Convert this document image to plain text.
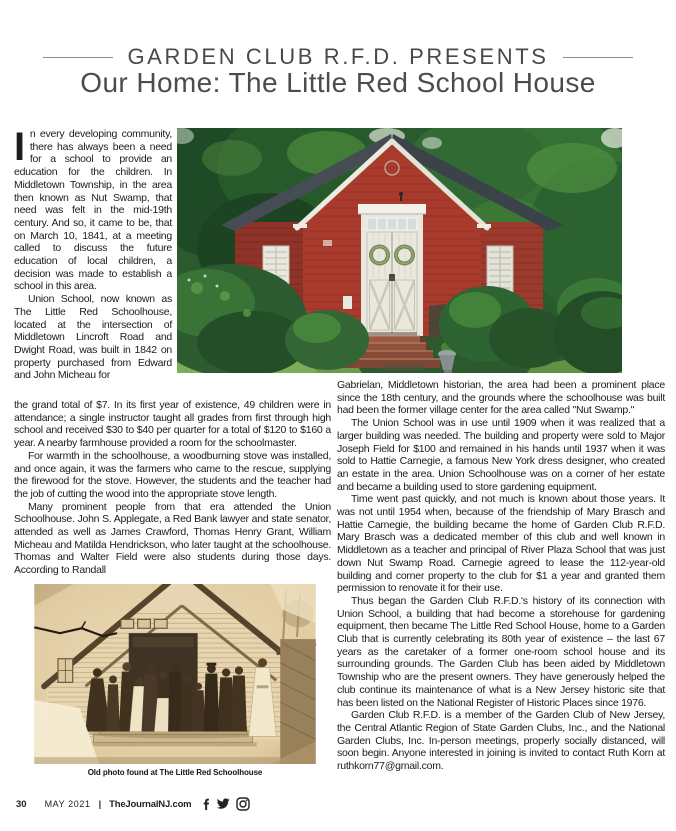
GARDEN CLUB R.F.D. PRESENTS
Our Home: The Little Red School House

In every developing community, there has always been a need for a school to provide an education for the children. In Middletown Township, in the area then known as Nut Swamp, that need was felt in the mid-19th century. And so, it came to be, that on March 10, 1841, at a meeting called to discuss the future education of local children, a decision was made to establish a school in this area.

Union School, now known as The Little Red Schoolhouse, located at the intersection of Middletown Lincroft Road and Dwight Road, was built in 1842 on property purchased from Edward and John Micheau for

the grand total of $7. In its first year of existence, 49 children were in attendance; a single instructor taught all grades from first through high school and received $30 to $40 per quarter for a total of $120 to $160 a year. A nearby farmhouse provided a room for the schoolmaster.

For warmth in the schoolhouse, a woodburning stove was installed, and once again, it was the farmers who came to the rescue, supplying the firewood for the stove. However, the students and the teacher had the job of cutting the wood into the appropriate stove length.

Many prominent people from that era attended the Union Schoolhouse. John S. Applegate, a Red Bank lawyer and state senator, attended as well as James Crawford, Thomas Henry Grant, William Micheau and Matilda Hendrickson, who later taught at the schoolhouse. Thomas and Walter Field were also students during those days. According to Randall

Gabrielan, Middletown historian, the area had been a prominent place since the 18th century, and the grounds where the schoolhouse was built had been the former village center for the area called "Nut Swamp."

The Union School was in use until 1909 when it was realized that a larger building was needed. The building and property were sold to Major Joseph Field for $100 and remained in his hands until 1937 when it was sold to Hattie Carnegie, a famous New York dress designer, who created an estate in the area. Union Schoolhouse was on a corner of her estate and became a building used to store gardening equipment.

Time went past quickly, and not much is known about those years. It was not until 1954 when, because of the friendship of Mary Brasch and Hattie Carnegie, the building became the home of Garden Club R.F.D. Mary Brasch was a dedicated member of this club and well known in Middletown as a teacher and principal of River Plaza School that was just down Nut Swamp Road. Carnegie agreed to lease the 112-year-old building and corner property to the club for $1 a year and granted them permission to renovate it for their use.

Thus began the Garden Club R.F.D.'s history of its connection with Union School, a building that had become a storehouse for gardening equipment, then became The Little Red School House, home to a Garden Club that is currently celebrating its 80th year of existence – the last 67 years as the caretaker of a former one-room school house and its surrounding grounds. The Garden Club has been aided by Middletown Township who are the present owners. They have generously helped the club continue its maintenance of what is a New Jersey historic site that has been listed on the National Register of Historic Places since 1976.

Garden Club R.F.D. is a member of the Garden Club of New Jersey, the Central Atlantic Region of State Garden Clubs, Inc., and the National Garden Clubs, Inc. In-person meetings, properly socially distanced, will soon begin. Anyone interested in joining is invited to contact Ruth Korn at ruthkorn77@gmail.com.

Old photo found at The Little Red Schoolhouse
30 MAY 2021 | TheJournalNJ.com
